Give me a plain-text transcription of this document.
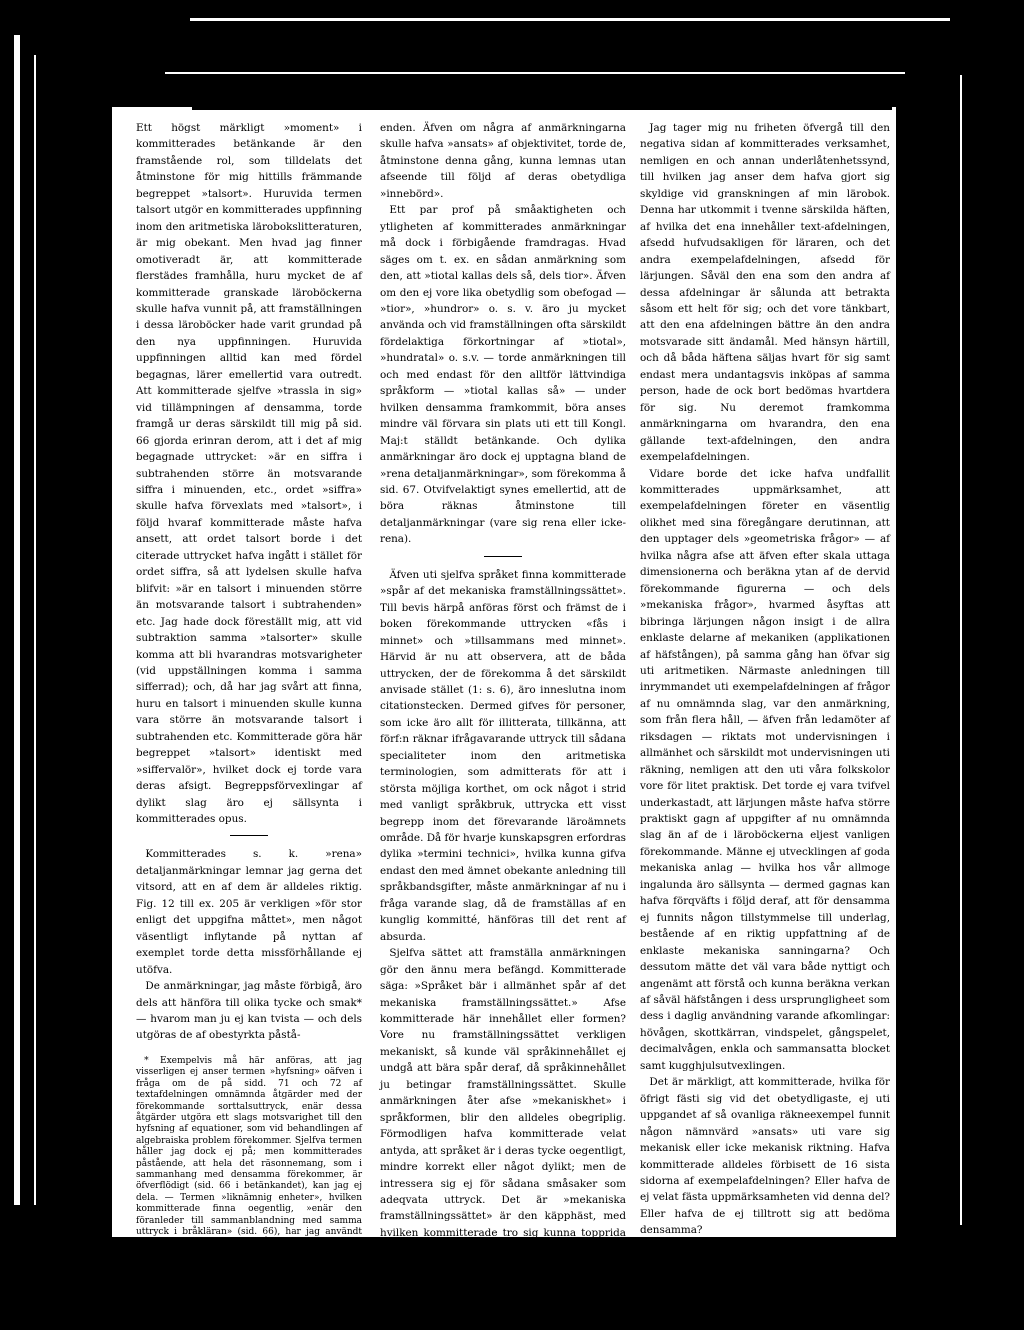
Ett högst märkligt »moment» i kommitterades betänkande är den framstående rol, som tilldelats det åtminstone för mig hittills främmande begreppet »talsort». Huruvida termen talsort utgör en kommitterades uppfinning inom den aritmetiska lärobokslitteraturen, är mig obekant. Men hvad jag finner omotiveradt är, att kommitterade flerstädes framhålla, huru mycket de af kommitterade granskade läroböckerna skulle hafva vunnit på, att framställningen i dessa läroböcker hade varit grundad på den nya uppfinningen. Huruvida uppfinningen alltid kan med fördel begagnas, lärer emellertid vara outredt. Att kommitterade sjelfve »trassla in sig» vid tillämpningen af densamma, torde framgå ur deras särskildt till mig på sid. 66 gjorda erinran derom, att i det af mig begagnade uttrycket: »är en siffra i subtrahenden större än motsvarande siffra i minuenden, etc., ordet »siffra» skulle hafva förvexlats med »talsort», i följd hvaraf kommitterade måste hafva ansett, att ordet talsort borde i det citerade uttrycket hafva ingått i stället för ordet siffra, så att lydelsen skulle hafva blifvit: »är en talsort i minuenden större än motsvarande talsort i subtrahenden» etc. Jag hade dock föreställt mig, att vid subtraktion samma »talsorter» skulle komma att bli hvarandras motsvarigheter (vid uppställningen komma i samma sifferrad); och, då har jag svårt att finna, huru en talsort i minuenden skulle kunna vara större än motsvarande talsort i subtrahenden etc. Kommitterade göra här begreppet »talsort» identiskt med »siffervalör», hvilket dock ej torde vara deras afsigt. Begreppsförvexlingar af dylikt slag äro ej sällsynta i kommitterades opus.

Kommitterades s. k. »rena» detaljanmärkningar lemnar jag gerna det vitsord, att en af dem är alldeles riktig. Fig. 12 till ex. 205 är verkligen »för stor enligt det uppgifna måttet», men något väsentligt inflytande på nyttan af exemplet torde detta missförhållande ej utöfva.

De anmärkningar, jag måste förbigå, äro dels att hänföra till olika tycke och smak* — hvarom man ju ej kan tvista — och dels utgöras de af obestyrkta påstå-

* Exempelvis må här anföras, att jag visserligen ej anser termen »hyfsning» oäfven i fråga om de på sidd. 71 och 72 af textafdelningen omnämnda åtgärder med der förekommande sorttalsuttryck, enär dessa åtgärder utgöra ett slags motsvarighet till den hyfsning af equationer, som vid behandlingen af algebraiska problem förekommer. Sjelfva termen håller jag dock ej på; men kommitterades påstående, att hela det räsonnemang, som i sammanhang med densamma förekommer, är öfverflödigt (sid. 66 i betänkandet), kan jag ej dela. — Termen »liknämnig enheter», hvilken kommitterade finna oegentlig, »enär den föranleder till sammanblandning med samma uttryck i bråkläran» (sid. 66), har jag användt just för att derigenom erhålla ett underlag för den sedermera i fråga kommande uppfattningen af »liknämnighet» inom bråkläran. (Kommitterade finna deremot ej i afseende på införandet af den nya termen »talsorter» någon likartad betänklighet derutinnan, att det kunde föranleda sammanblandning med det vanliga sorttalsbegreppet).

enden. Äfven om några af anmärkningarna skulle hafva »ansats» af objektivitet, torde de, åtminstone denna gång, kunna lemnas utan afseende till följd af deras obetydliga »innebörd».

Ett par prof på småaktigheten och ytligheten af kommitterades anmärkningar må dock i förbigående framdragas. Hvad säges om t. ex. en sådan anmärkning som den, att »tiotal kallas dels så, dels tior». Äfven om den ej vore lika obetydlig som obefogad — »tior», »hundror» o. s. v. äro ju mycket använda och vid framställningen ofta särskildt fördelaktiga förkortningar af »tiotal», »hundratal» o. s.v. — torde anmärkningen till och med endast för den alltför lättvindiga språkform — »tiotal kallas så» — under hvilken densamma framkommit, böra anses mindre väl förvara sin plats uti ett till Kongl. Maj:t ställdt betänkande. Och dylika anmärkningar äro dock ej upptagna bland de »rena detaljanmärkningar», som förekomma å sid. 67. Otvifvelaktigt synes emellertid, att de böra räknas åtminstone till detaljanmärkningar (vare sig rena eller icke-rena).

Äfven uti sjelfva språket finna kommitterade »spår af det mekaniska framställningssättet». Till bevis härpå anföras först och främst de i boken förekommande uttrycken «fås i minnet» och »tillsammans med minnet». Härvid är nu att observera, att de båda uttrycken, der de förekomma å det särskildt anvisade stället (1: s. 6), äro inneslutna inom citationstecken. Dermed gifves för personer, som icke äro allt för illitterata, tillkänna, att förf:n räknar ifrågavarande uttryck till sådana specialiteter inom den aritmetiska terminologien, som admitterats för att i största möjliga korthet, om ock något i strid med vanligt språkbruk, uttrycka ett visst begrepp inom det förevarande läroämnets område. Då för hvarje kunskapsgren erfordras dylika »termini technici», hvilka kunna gifva endast den med ämnet obekante anledning till språkbandsgifter, måste anmärkningar af nu i fråga varande slag, då de framställas af en kunglig kommitté, hänföras till det rent af absurda.

Sjelfva sättet att framställa anmärkningen gör den ännu mera befängd. Kommitterade säga: »Språket bär i allmänhet spår af det mekaniska framställningssättet.» Afse kommitterade här innehållet eller formen? Vore nu framställningssättet verkligen mekaniskt, så kunde väl språkinnehållet ej undgå att bära spår deraf, då språkinnehållet ju betingar framställningssättet. Skulle anmärkningen åter afse »mekaniskhet» i språkformen, blir den alldeles obegriplig. Förmodligen hafva kommitterade velat antyda, att språket är i deras tycke oegentligt, mindre korrekt eller något dylikt; men de intressera sig ej för sådana småsaker som adeqvata uttryck. Det är »mekaniska framställningssättet» är den käpphäst, med hvilken kommitterade tro sig kunna topprida författarne, oafsedt att uttrycket i de flesta fall kommer fram såsom ett »gudsfred—vxskaft».

Jag tager mig nu friheten öfvergå till den negativa sidan af kommitterades verksamhet, nemligen en och annan underlåtenhetssynd, till hvilken jag anser dem hafva gjort sig skyldige vid granskningen af min lärobok. Denna har utkommit i tvenne särskilda häften, af hvilka det ena innehåller text-afdelningen, afsedd hufvudsakligen för läraren, och det andra exempelafdelningen, afsedd för lärjungen. Såväl den ena som den andra af dessa afdelningar är sålunda att betrakta såsom ett helt för sig; och det vore tänkbart, att den ena afdelningen bättre än den andra motsvarade sitt ändamål. Med hänsyn härtill, och då båda häftena säljas hvart för sig samt endast mera undantagsvis inköpas af samma person, hade de ock bort bedömas hvartdera för sig. Nu deremot framkomma anmärkningarna om hvarandra, den ena gällande text-afdelningen, den andra exempelafdelningen.

Vidare borde det icke hafva undfallit kommitterades uppmärksamhet, att exempelafdelningen företer en väsentlig olikhet med sina föregångare derutinnan, att den upptager dels »geometriska frågor» — af hvilka några afse att äfven efter skala uttaga dimensionerna och beräkna ytan af de dervid förekommande figurerna — och dels »mekaniska frågor», hvarmed åsyftas att bibringa lärjungen någon insigt i de allra enklaste delarne af mekaniken (applikationen af häfstången), på samma gång han öfvar sig uti aritmetiken. Närmaste anledningen till inrymmandet uti exempelafdelningen af frågor af nu omnämnda slag, var den anmärkning, som från flera håll, — äfven från ledamöter af riksdagen — riktats mot undervisningen i allmänhet och särskildt mot undervisningen uti räkning, nemligen att den uti våra folkskolor vore för litet praktisk. Det torde ej vara tvifvel underkastadt, att lärjungen måste hafva större praktiskt gagn af uppgifter af nu omnämnda slag än af de i läroböckerna eljest vanligen förekommande. Männe ej utvecklingen af goda mekaniska anlag — hvilka hos vår allmoge ingalunda äro sällsynta — dermed gagnas kan hafva förqväfts i följd deraf, att för densamma ej funnits någon tillstymmelse till underlag, bestående af en riktig uppfattning af de enklaste mekaniska sanningarna? Och dessutom mätte det väl vara både nyttigt och angenämt att förstå och kunna beräkna verkan af såväl häfstången i dess ursprungligheet som dess i daglig användning varande afkomlingar: hövågen, skottkärran, vindspelet, gångspelet, decimalvågen, enkla och sammansatta blocket samt kugghjulsutvexlingen.

Det är märkligt, att kommitterade, hvilka för öfrigt fästi sig vid det obetydligaste, ej uti uppgandet af så ovanliga räkneexempel funnit någon nämnvärd »ansats» uti vare sig mekanisk eller icke mekanisk riktning. Hafva kommitterade alldeles förbisett de 16 sista sidorna af exempelafdelningen? Eller hafva de ej velat fästa uppmärksamheten vid denna del? Eller hafva de ej tilltrott sig att bedöma densamma?

Då kommitterade för öfrigt i vissa af-
